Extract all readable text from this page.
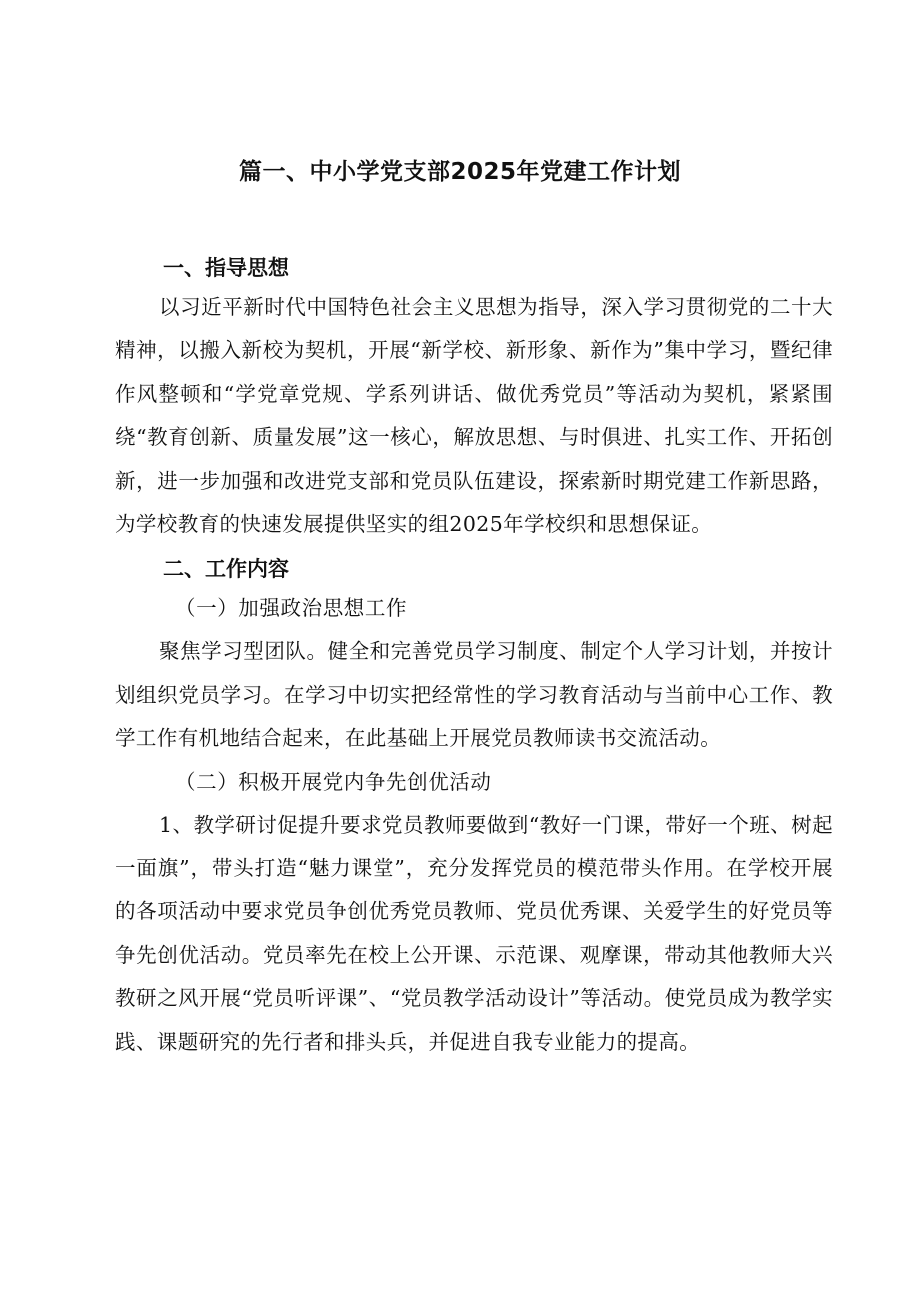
篇一、中小学党支部2025年党建工作计划
一、指导思想

以习近平新时代中国特色社会主义思想为指导，深入学习贯彻党的二十大精神，以搬入新校为契机，开展“新学校、新形象、新作为”集中学习，暨纪律作风整顿和“学党章党规、学系列讲话、做优秀党员”等活动为契机，紧紧围绕“教育创新、质量发展”这一核心，解放思想、与时俱进、扎实工作、开拓创新，进一步加强和改进党支部和党员队伍建设，探索新时期党建工作新思路，为学校教育的快速发展提供坚实的组2025年学校织和思想保证。

二、工作内容
（一）加强政治思想工作

聚焦学习型团队。健全和完善党员学习制度、制定个人学习计划，并按计划组织党员学习。在学习中切实把经常性的学习教育活动与当前中心工作、教学工作有机地结合起来，在此基础上开展党员教师读书交流活动。

（二）积极开展党内争先创优活动

1、教学研讨促提升要求党员教师要做到“教好一门课，带好一个班、树起一面旗”，带头打造“魅力课堂”，充分发挥党员的模范带头作用。在学校开展的各项活动中要求党员争创优秀党员教师、党员优秀课、关爱学生的好党员等争先创优活动。党员率先在校上公开课、示范课、观摩课，带动其他教师大兴教研之风开展“党员听评课”、“党员教学活动设计”等活动。使党员成为教学实践、课题研究的先行者和排头兵，并促进自我专业能力的提高。
